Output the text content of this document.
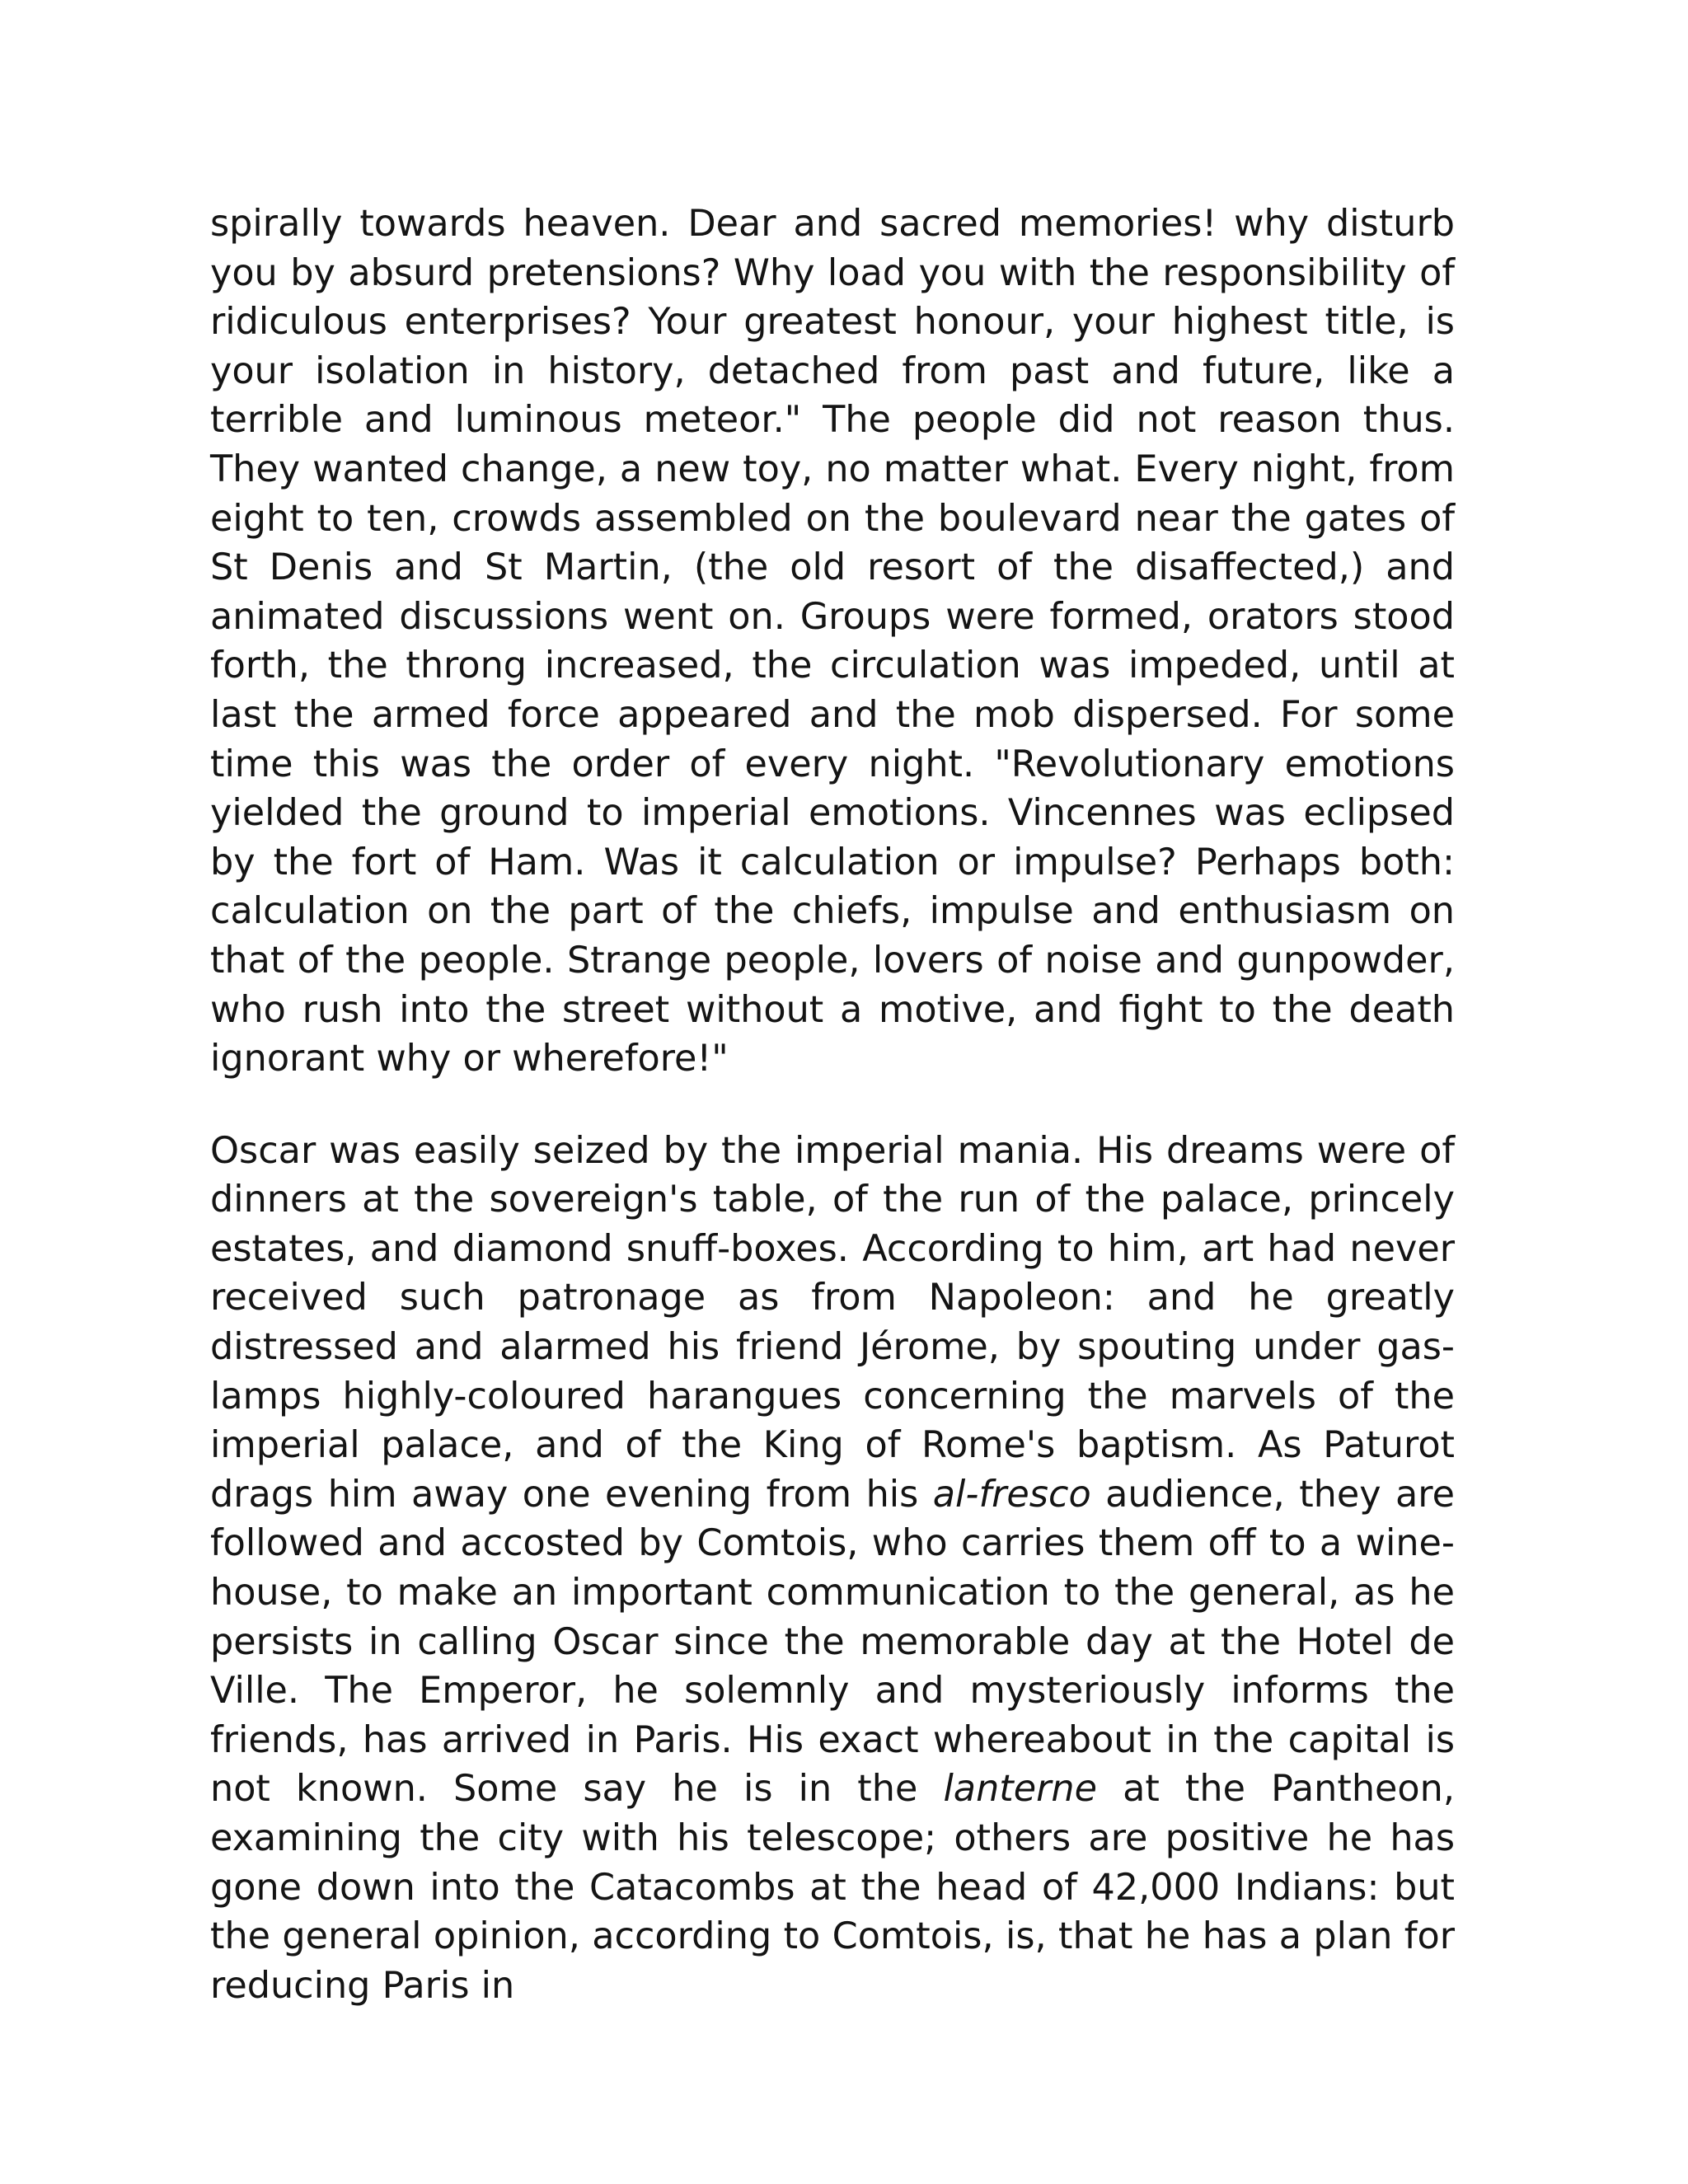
spirally towards heaven. Dear and sacred memories! why disturb you by absurd pretensions? Why load you with the responsibility of ridiculous enterprises? Your greatest honour, your highest title, is your isolation in history, detached from past and future, like a terrible and luminous meteor." The people did not reason thus. They wanted change, a new toy, no matter what. Every night, from eight to ten, crowds assembled on the boulevard near the gates of St Denis and St Martin, (the old resort of the disaffected,) and animated discussions went on. Groups were formed, orators stood forth, the throng increased, the circulation was impeded, until at last the armed force appeared and the mob dispersed. For some time this was the order of every night. "Revolutionary emotions yielded the ground to imperial emotions. Vincennes was eclipsed by the fort of Ham. Was it calculation or impulse? Perhaps both: calculation on the part of the chiefs, impulse and enthusiasm on that of the people. Strange people, lovers of noise and gunpowder, who rush into the street without a motive, and fight to the death ignorant why or wherefore!"

Oscar was easily seized by the imperial mania. His dreams were of dinners at the sovereign's table, of the run of the palace, princely estates, and diamond snuff-boxes. According to him, art had never received such patronage as from Napoleon: and he greatly distressed and alarmed his friend Jérome, by spouting under gas-lamps highly-coloured harangues concerning the marvels of the imperial palace, and of the King of Rome's baptism. As Paturot drags him away one evening from his al-fresco audience, they are followed and accosted by Comtois, who carries them off to a wine-house, to make an important communication to the general, as he persists in calling Oscar since the memorable day at the Hotel de Ville. The Emperor, he solemnly and mysteriously informs the friends, has arrived in Paris. His exact whereabout in the capital is not known. Some say he is in the lanterne at the Pantheon, examining the city with his telescope; others are positive he has gone down into the Catacombs at the head of 42,000 Indians: but the general opinion, according to Comtois, is, that he has a plan for reducing Paris in
